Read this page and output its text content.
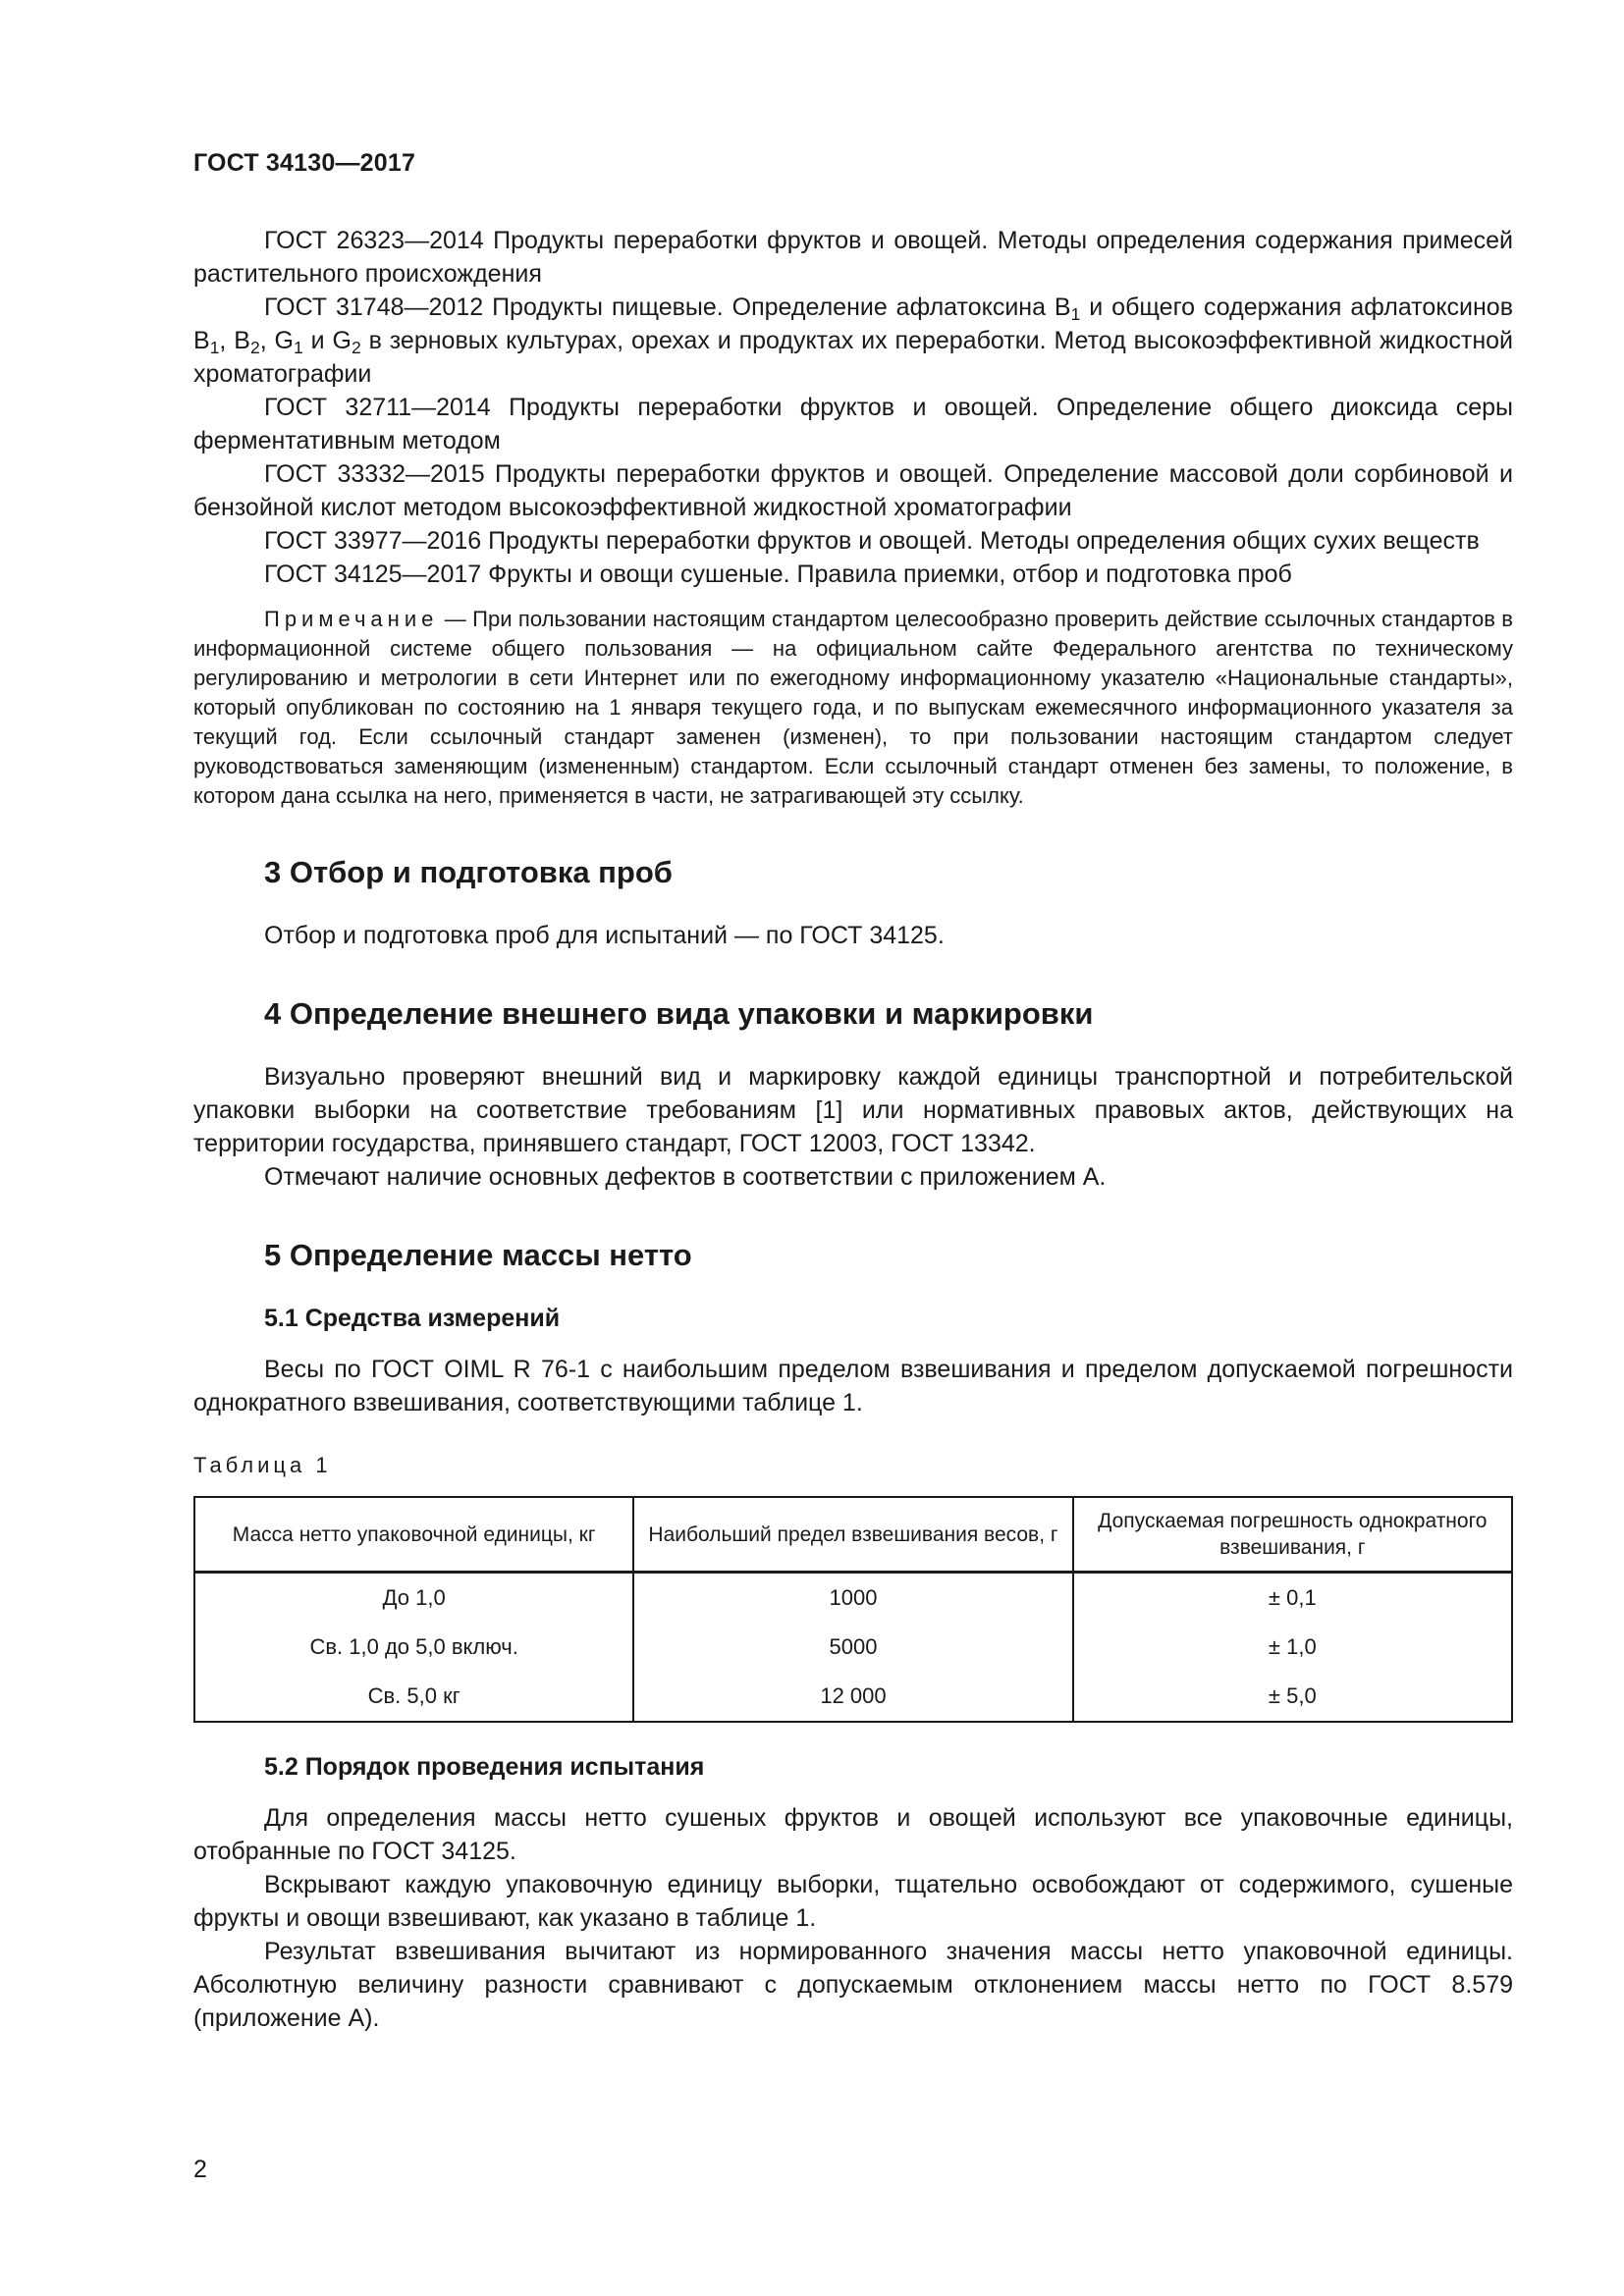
ГОСТ 34130—2017

ГОСТ 26323—2014 Продукты переработки фруктов и овощей. Методы определения содержания примесей растительного происхождения

ГОСТ 31748—2012 Продукты пищевые. Определение афлатоксина $B_1$ и общего содержания афлатоксинов $B_1$, $B_2$, $G_1$ и $G_2$ в зерновых культурах, орехах и продуктах их переработки. Метод высокоэффективной жидкостной хроматографии

ГОСТ 32711—2014 Продукты переработки фруктов и овощей. Определение общего диоксида серы ферментативным методом

ГОСТ 33332—2015 Продукты переработки фруктов и овощей. Определение массовой доли сорбиновой и бензойной кислот методом высокоэффективной жидкостной хроматографии

ГОСТ 33977—2016 Продукты переработки фруктов и овощей. Методы определения общих сухих веществ

ГОСТ 34125—2017 Фрукты и овощи сушеные. Правила приемки, отбор и подготовка проб

Примечание — При пользовании настоящим стандартом целесообразно проверить действие ссылочных стандартов в информационной системе общего пользования — на официальном сайте Федерального агентства по техническому регулированию и метрологии в сети Интернет или по ежегодному информационному указателю «Национальные стандарты», который опубликован по состоянию на 1 января текущего года, и по выпускам ежемесячного информационного указателя за текущий год. Если ссылочный стандарт заменен (изменен), то при пользовании настоящим стандартом следует руководствоваться заменяющим (измененным) стандартом. Если ссылочный стандарт отменен без замены, то положение, в котором дана ссылка на него, применяется в части, не затрагивающей эту ссылку.

3 Отбор и подготовка проб

Отбор и подготовка проб для испытаний — по ГОСТ 34125.

4 Определение внешнего вида упаковки и маркировки

Визуально проверяют внешний вид и маркировку каждой единицы транспортной и потребительской упаковки выборки на соответствие требованиям [1] или нормативных правовых актов, действующих на территории государства, принявшего стандарт, ГОСТ 12003, ГОСТ 13342.

Отмечают наличие основных дефектов в соответствии с приложением А.

5 Определение массы нетто
5.1 Средства измерений

Весы по ГОСТ OIML R 76-1 с наибольшим пределом взвешивания и пределом допускаемой погрешности однократного взвешивания, соответствующими таблице 1.

Таблица 1
Масса нетто упаковочной единицы, кг	Наибольший предел взвешивания весов, г	Допускаемая погрешность однократного взвешивания, г
До 1,0	1000	± 0,1
Св. 1,0 до 5,0 включ.	5000	± 1,0
Св. 5,0 кг	12 000	± 5,0
5.2 Порядок проведения испытания

Для определения массы нетто сушеных фруктов и овощей используют все упаковочные единицы, отобранные по ГОСТ 34125.

Вскрывают каждую упаковочную единицу выборки, тщательно освобождают от содержимого, сушеные фрукты и овощи взвешивают, как указано в таблице 1.

Результат взвешивания вычитают из нормированного значения массы нетто упаковочной единицы. Абсолютную величину разности сравнивают с допускаемым отклонением массы нетто по ГОСТ 8.579 (приложение А).

2
